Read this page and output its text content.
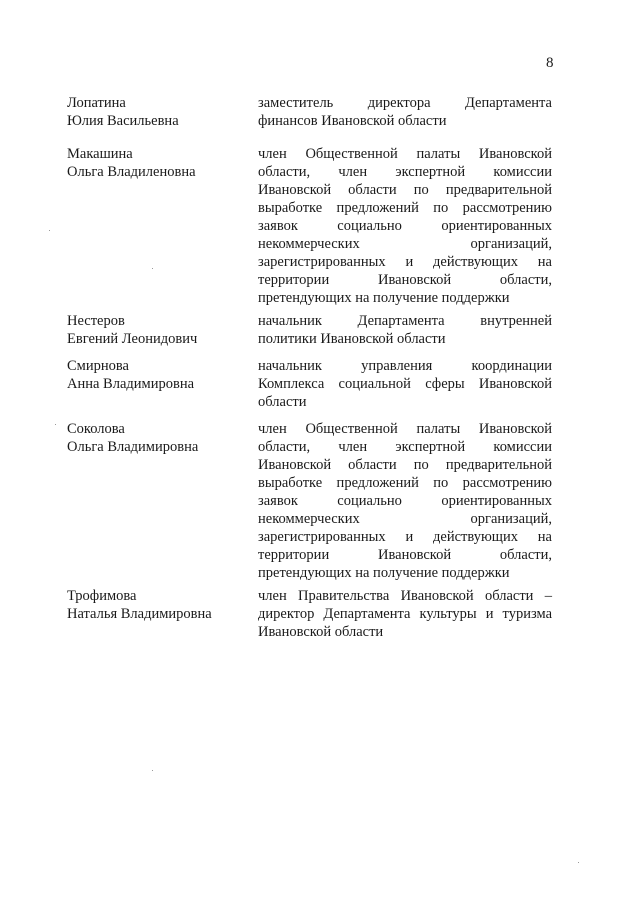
8
Лопатина
Юлия Васильевна
заместитель директора Департамента
финансов Ивановской области
Макашина
Ольга Владиленовна
член Общественной палаты Ивановской
области, член экспертной комиссии
Ивановской области по предварительной
выработке предложений по рассмотрению
заявок социально ориентированных
некоммерческих организаций,
зарегистрированных и действующих на
территории Ивановской области,
претендующих на получение поддержки
Нестеров
Евгений Леонидович
начальник Департамента внутренней
политики Ивановской области
Смирнова
Анна Владимировна
начальник управления координации
Комплекса социальной сферы Ивановской
области
Соколова
Ольга Владимировна
член Общественной палаты Ивановской
области, член экспертной комиссии
Ивановской области по предварительной
выработке предложений по рассмотрению
заявок социально ориентированных
некоммерческих организаций,
зарегистрированных и действующих на
территории Ивановской области,
претендующих на получение поддержки
Трофимова
Наталья Владимировна
член Правительства Ивановской области –
директор Департамента культуры и туризма
Ивановской области
